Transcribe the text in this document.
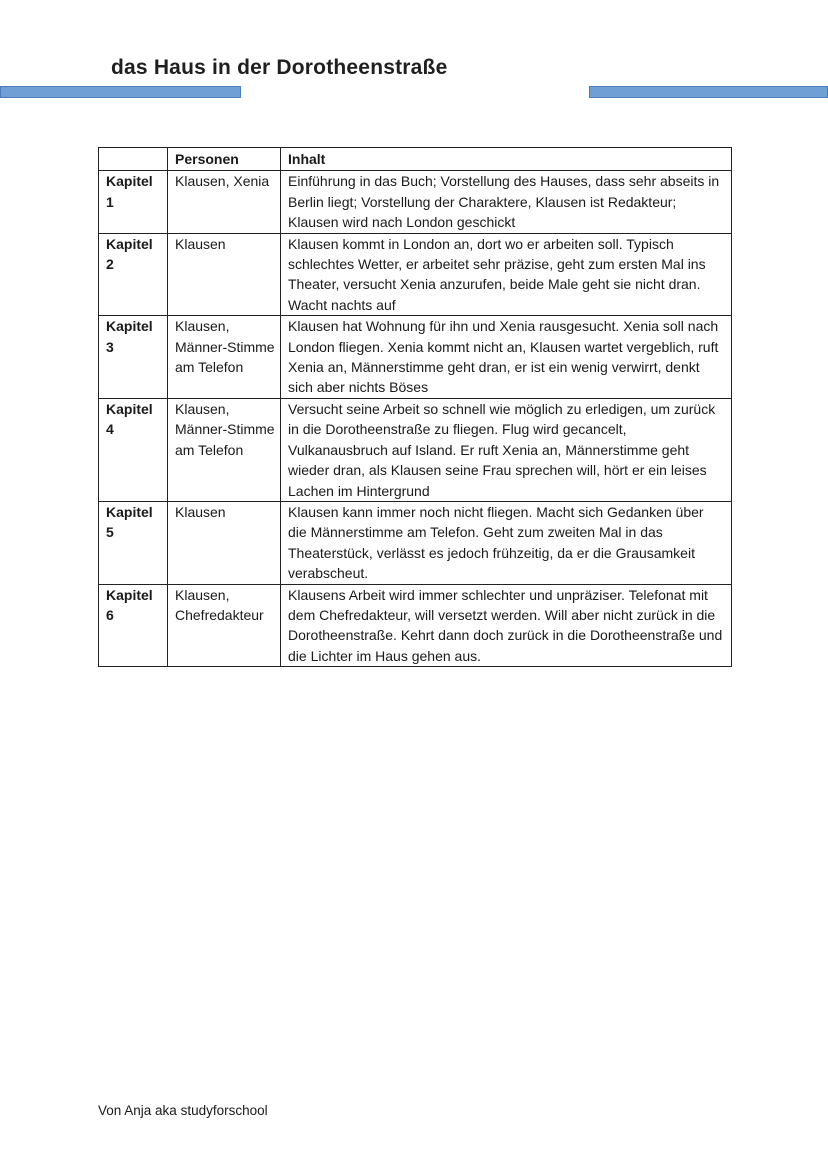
das Haus in der Dorotheenstraße
	Personen	Inhalt
Kapitel 1	Klausen, Xenia	Einführung in das Buch; Vorstellung des Hauses, dass sehr abseits in Berlin liegt; Vorstellung der Charaktere, Klausen ist Redakteur; Klausen wird nach London geschickt
Kapitel 2	Klausen	Klausen kommt in London an, dort wo er arbeiten soll. Typisch schlechtes Wetter, er arbeitet sehr präzise, geht zum ersten Mal ins Theater, versucht Xenia anzurufen, beide Male geht sie nicht dran. Wacht nachts auf
Kapitel 3	Klausen, Männer-Stimme am Telefon	Klausen hat Wohnung für ihn und Xenia rausgesucht. Xenia soll nach London fliegen. Xenia kommt nicht an, Klausen wartet vergeblich, ruft Xenia an, Männerstimme geht dran, er ist ein wenig verwirrt, denkt sich aber nichts Böses
Kapitel 4	Klausen, Männer-Stimme am Telefon	Versucht seine Arbeit so schnell wie möglich zu erledigen, um zurück in die Dorotheenstraße zu fliegen. Flug wird gecancelt, Vulkanausbruch auf Island. Er ruft Xenia an, Männerstimme geht wieder dran, als Klausen seine Frau sprechen will, hört er ein leises Lachen im Hintergrund
Kapitel 5	Klausen	Klausen kann immer noch nicht fliegen. Macht sich Gedanken über die Männerstimme am Telefon. Geht zum zweiten Mal in das Theaterstück, verlässt es jedoch frühzeitig, da er die Grausamkeit verabscheut.
Kapitel 6	Klausen, Chefredakteur	Klausens Arbeit wird immer schlechter und unpräziser. Telefonat mit dem Chefredakteur, will versetzt werden. Will aber nicht zurück in die Dorotheenstraße. Kehrt dann doch zurück in die Dorotheenstraße und die Lichter im Haus gehen aus.
Von Anja aka studyforschool
